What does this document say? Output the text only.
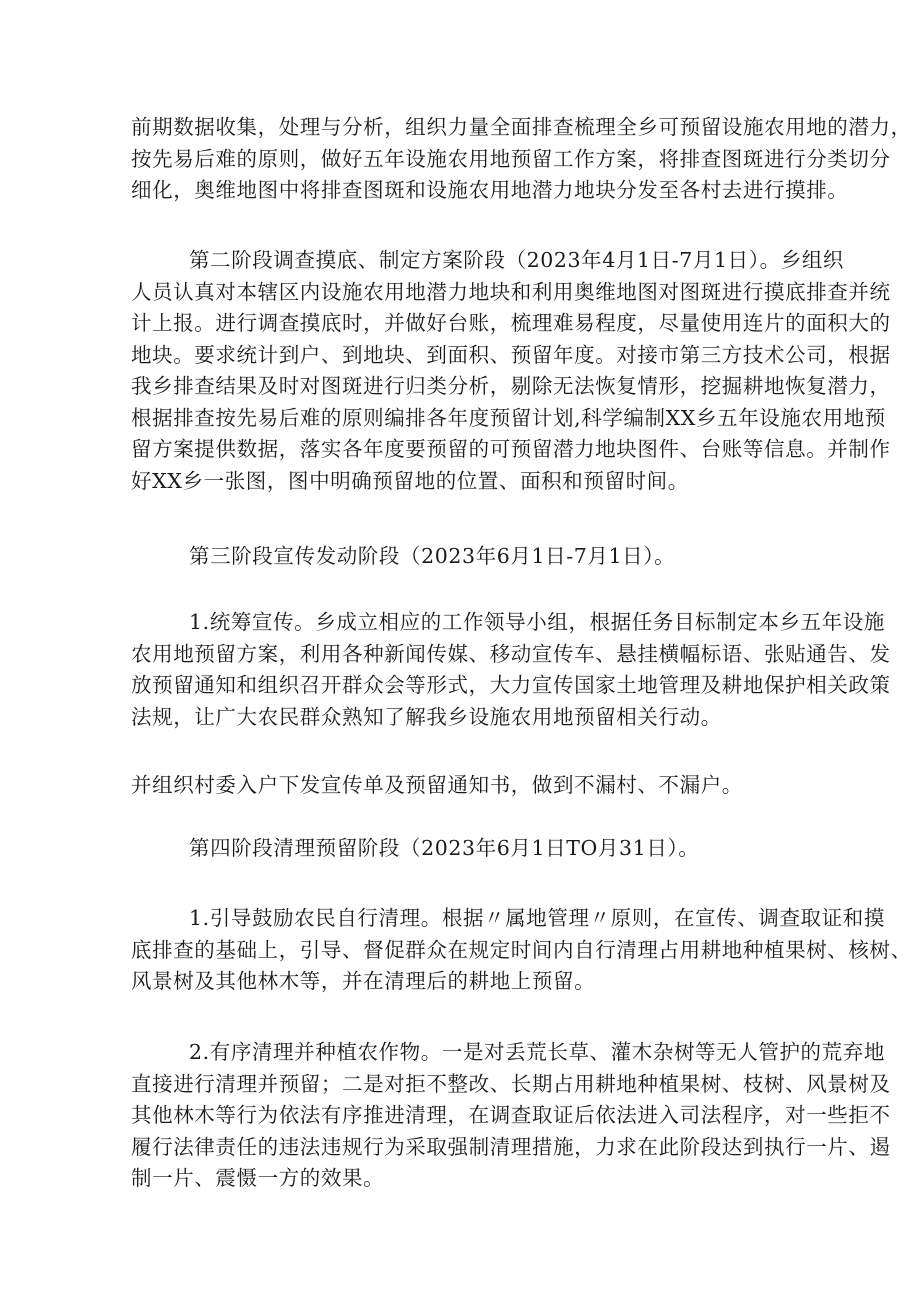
前期数据收集，处理与分析，组织力量全面排查梳理全乡可预留设施农用地的潜力，
按先易后难的原则，做好五年设施农用地预留工作方案，将排查图斑进行分类切分
细化，奥维地图中将排查图斑和设施农用地潜力地块分发至各村去进行摸排。
第二阶段调查摸底、制定方案阶段（2023年4月1日-7月1日）。乡组织
人员认真对本辖区内设施农用地潜力地块和利用奥维地图对图斑进行摸底排查并统
计上报。进行调查摸底时，并做好台账，梳理难易程度，尽量使用连片的面积大的
地块。要求统计到户、到地块、到面积、预留年度。对接市第三方技术公司，根据
我乡排查结果及时对图斑进行归类分析，剔除无法恢复情形，挖掘耕地恢复潜力，
根据排查按先易后难的原则编排各年度预留计划,科学编制XX乡五年设施农用地预
留方案提供数据，落实各年度要预留的可预留潜力地块图件、台账等信息。并制作
好XX乡一张图，图中明确预留地的位置、面积和预留时间。
第三阶段宣传发动阶段（2023年6月1日-7月1日）。
1.统筹宣传。乡成立相应的工作领导小组，根据任务目标制定本乡五年设施
农用地预留方案，利用各种新闻传媒、移动宣传车、悬挂横幅标语、张贴通告、发
放预留通知和组织召开群众会等形式，大力宣传国家土地管理及耕地保护相关政策
法规，让广大农民群众熟知了解我乡设施农用地预留相关行动。
并组织村委入户下发宣传单及预留通知书，做到不漏村、不漏户。
第四阶段清理预留阶段（2023年6月1日TO月31日）。
1.引导鼓励农民自行清理。根据〃属地管理〃原则，在宣传、调查取证和摸
底排查的基础上，引导、督促群众在规定时间内自行清理占用耕地种植果树、核树、
风景树及其他林木等，并在清理后的耕地上预留。
2.有序清理并种植农作物。一是对丢荒长草、灌木杂树等无人管护的荒弃地
直接进行清理并预留；二是对拒不整改、长期占用耕地种植果树、枝树、风景树及
其他林木等行为依法有序推进清理，在调查取证后依法进入司法程序，对一些拒不
履行法律责任的违法违规行为采取强制清理措施，力求在此阶段达到执行一片、遏
制一片、震慑一方的效果。
